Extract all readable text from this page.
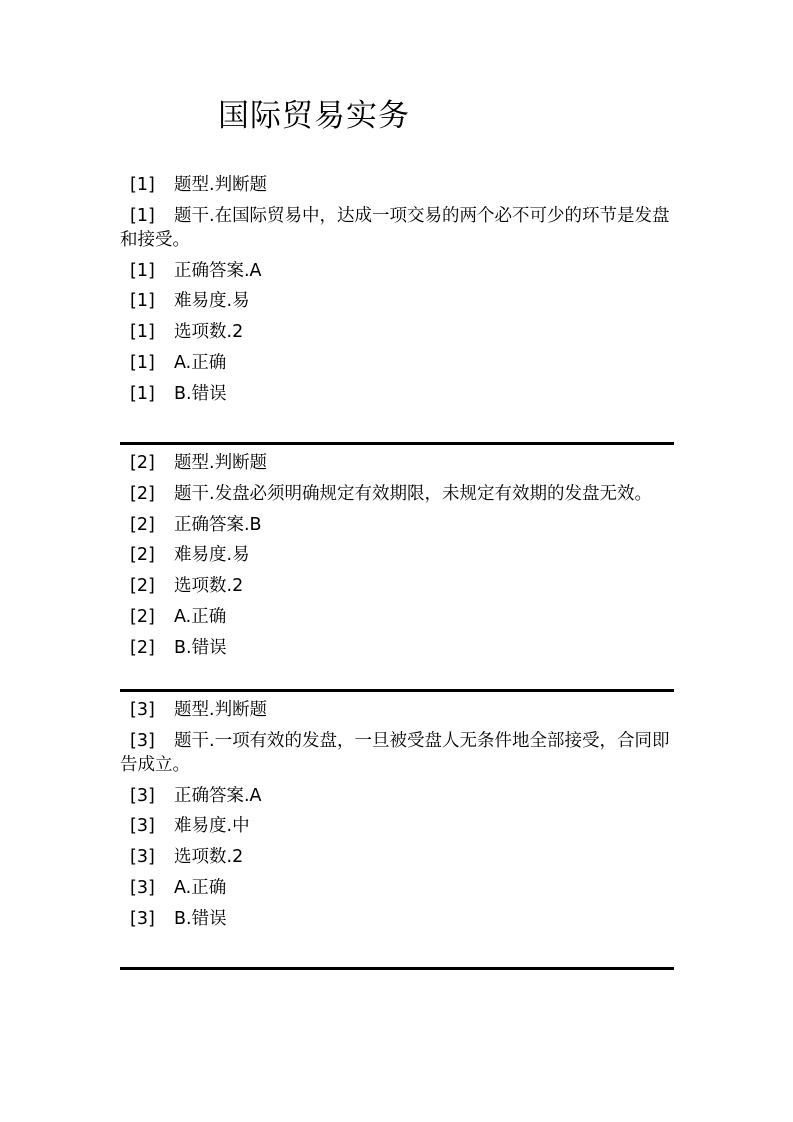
国际贸易实务
[1] 题型.判断题
[1] 题干.在国际贸易中，达成一项交易的两个必不可少的环节是发盘和接受。
[1] 正确答案.A
[1] 难易度.易
[1] 选项数.2
[1] A.正确
[1] B.错误
[2] 题型.判断题
[2] 题干.发盘必须明确规定有效期限，未规定有效期的发盘无效。
[2] 正确答案.B
[2] 难易度.易
[2] 选项数.2
[2] A.正确
[2] B.错误
[3] 题型.判断题
[3] 题干.一项有效的发盘，一旦被受盘人无条件地全部接受，合同即告成立。
[3] 正确答案.A
[3] 难易度.中
[3] 选项数.2
[3] A.正确
[3] B.错误
